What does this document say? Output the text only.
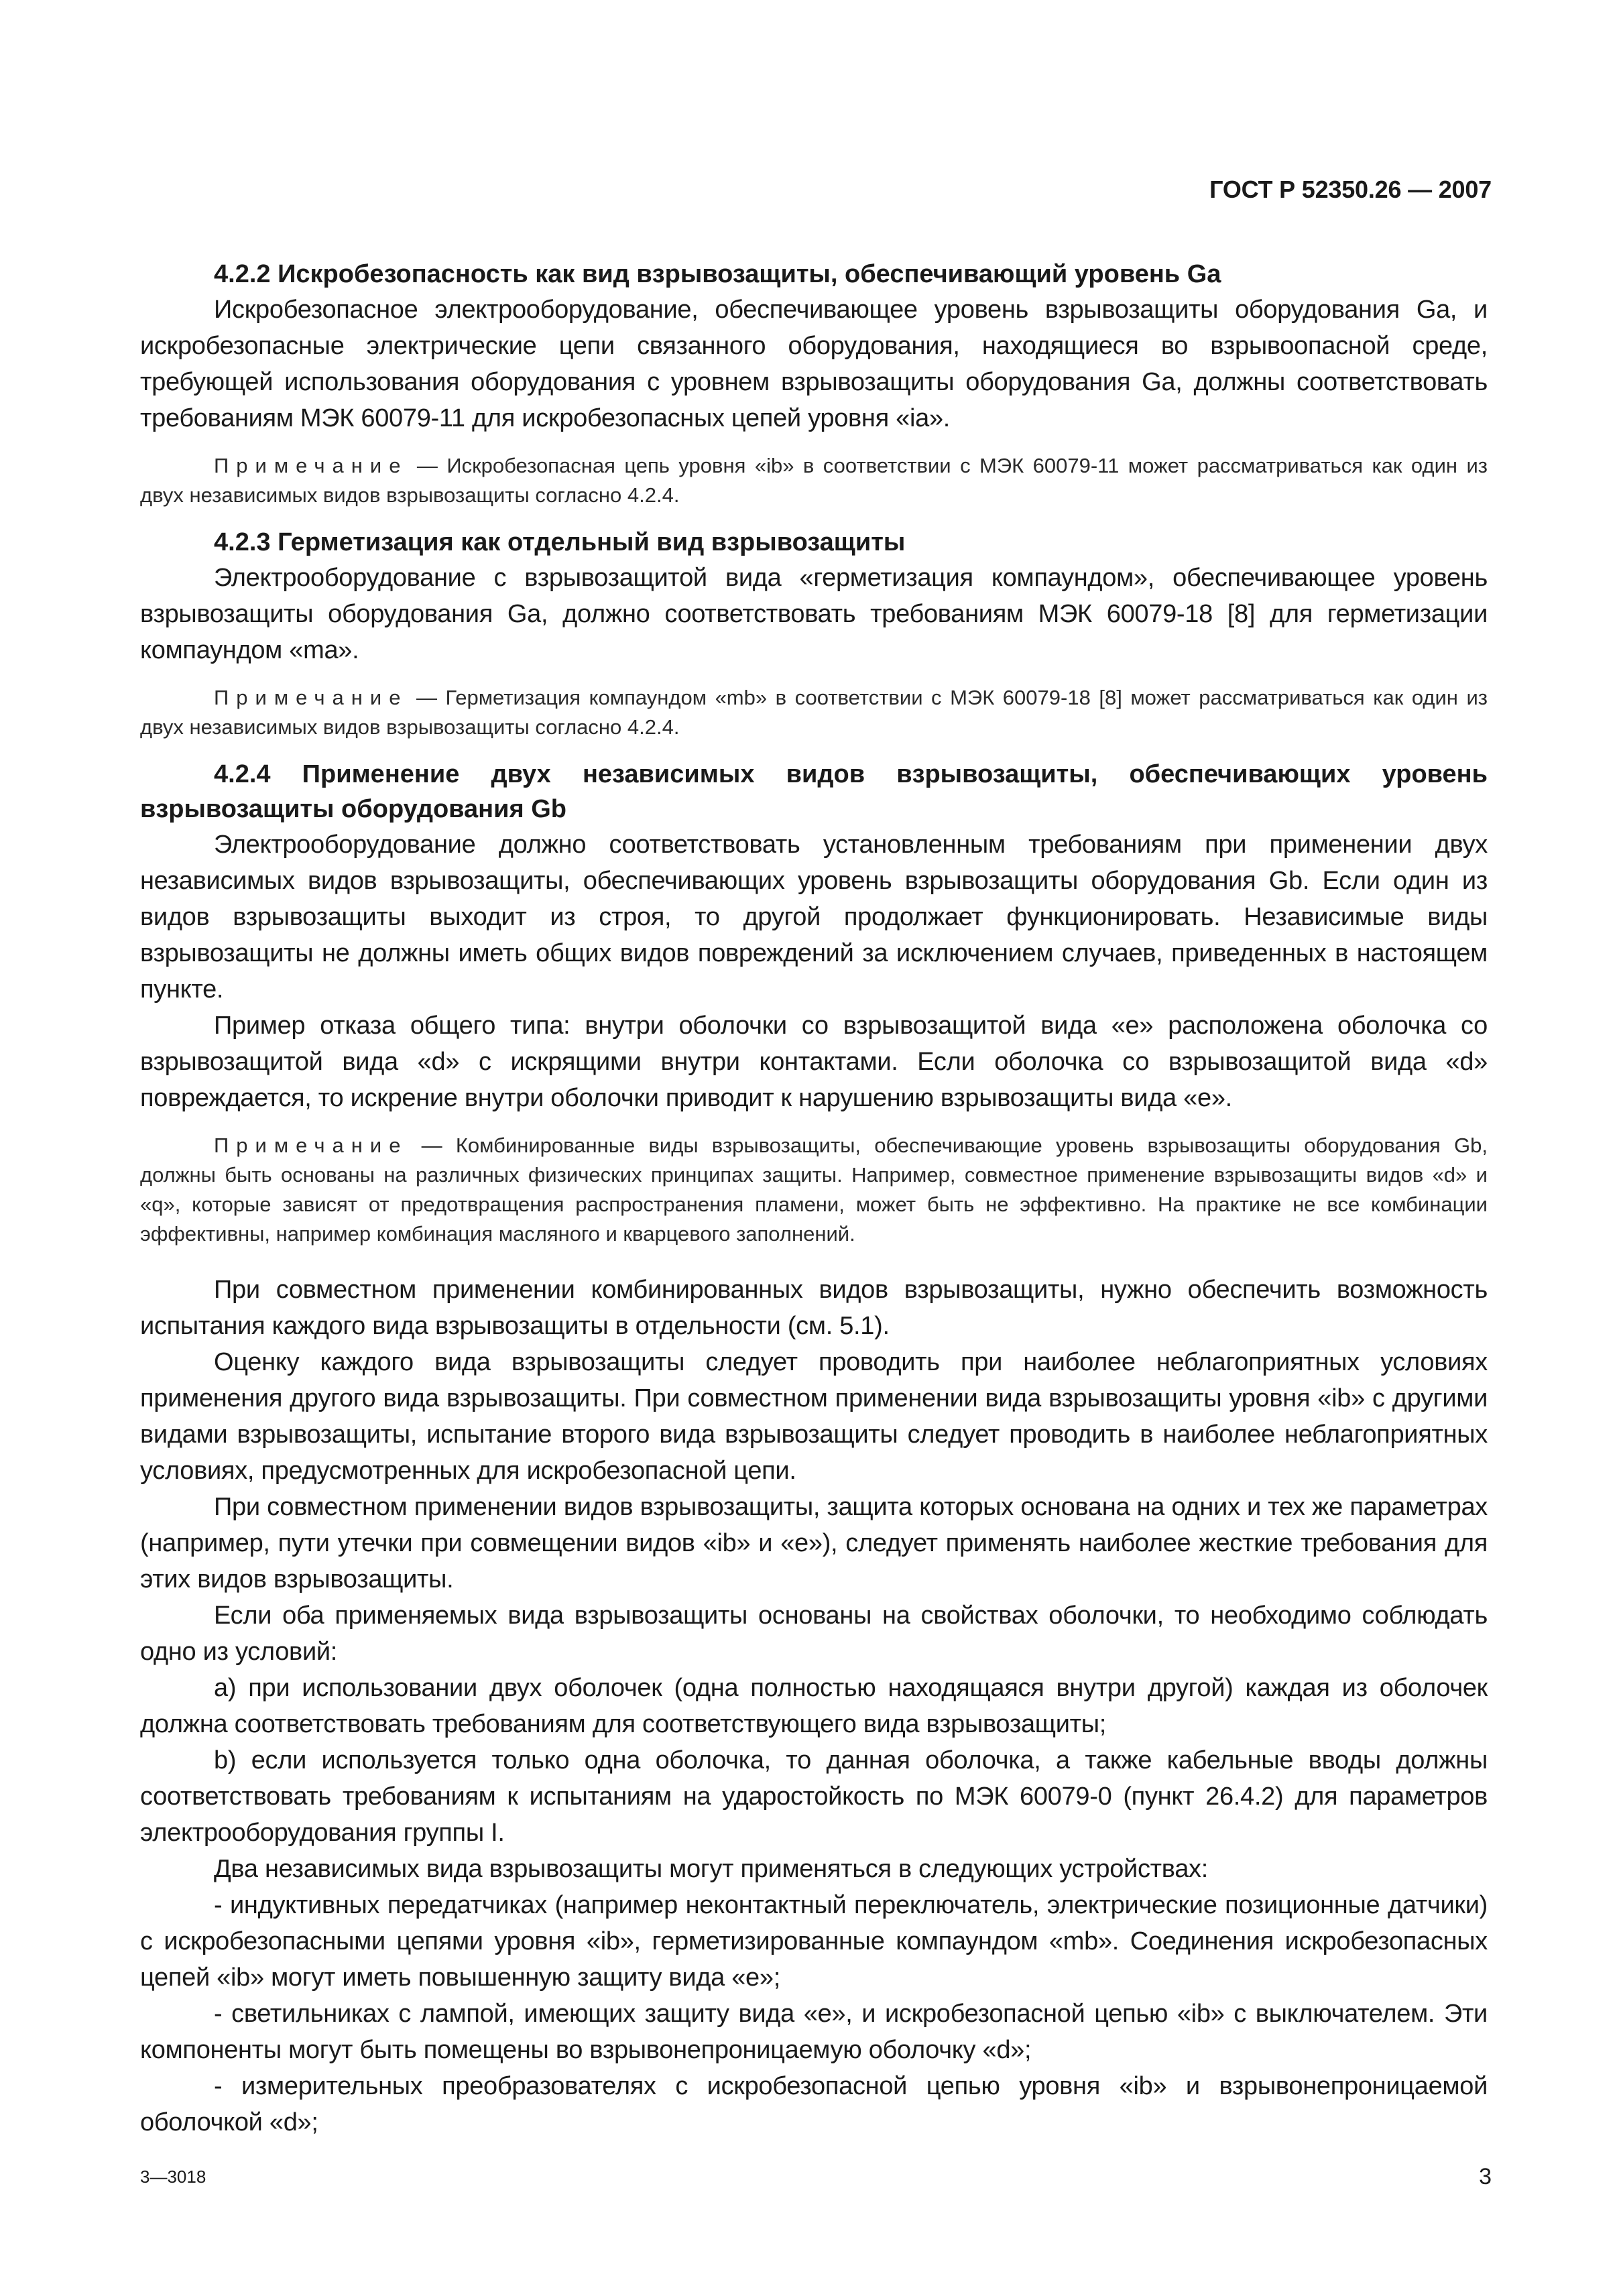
ГОСТ Р 52350.26 — 2007

4.2.2 Искробезопасность как вид взрывозащиты, обеспечивающий уровень Ga

Искробезопасное электрооборудование, обеспечивающее уровень взрывозащиты оборудования Ga, и искробезопасные электрические цепи связанного оборудования, находящиеся во взрывоопасной среде, требующей использования оборудования с уровнем взрывозащиты оборудования Ga, должны соответствовать требованиям МЭК 60079-11 для искробезопасных цепей уровня «ia».

Примечание — Искробезопасная цепь уровня «ib» в соответствии с МЭК 60079-11 может рассматриваться как один из двух независимых видов взрывозащиты согласно 4.2.4.

4.2.3 Герметизация как отдельный вид взрывозащиты

Электрооборудование с взрывозащитой вида «герметизация компаундом», обеспечивающее уровень взрывозащиты оборудования Ga, должно соответствовать требованиям МЭК 60079-18 [8] для герметизации компаундом «ma».

Примечание — Герметизация компаундом «mb» в соответствии с МЭК 60079-18 [8] может рассматриваться как один из двух независимых видов взрывозащиты согласно 4.2.4.

4.2.4 Применение двух независимых видов взрывозащиты, обеспечивающих уровень взрывозащиты оборудования Gb

Электрооборудование должно соответствовать установленным требованиям при применении двух независимых видов взрывозащиты, обеспечивающих уровень взрывозащиты оборудования Gb. Если один из видов взрывозащиты выходит из строя, то другой продолжает функционировать. Независимые виды взрывозащиты не должны иметь общих видов повреждений за исключением случаев, приведенных в настоящем пункте.

Пример отказа общего типа: внутри оболочки со взрывозащитой вида «е» расположена оболочка со взрывозащитой вида «d» с искрящими внутри контактами. Если оболочка со взрывозащитой вида «d» повреждается, то искрение внутри оболочки приводит к нарушению взрывозащиты вида «е».

Примечание — Комбинированные виды взрывозащиты, обеспечивающие уровень взрывозащиты оборудования Gb, должны быть основаны на различных физических принципах защиты. Например, совместное применение взрывозащиты видов «d» и «q», которые зависят от предотвращения распространения пламени, может быть не эффективно. На практике не все комбинации эффективны, например комбинация масляного и кварцевого заполнений.

При совместном применении комбинированных видов взрывозащиты, нужно обеспечить возможность испытания каждого вида взрывозащиты в отдельности (см. 5.1).

Оценку каждого вида взрывозащиты следует проводить при наиболее неблагоприятных условиях применения другого вида взрывозащиты. При совместном применении вида взрывозащиты уровня «ib» с другими видами взрывозащиты, испытание второго вида взрывозащиты следует проводить в наиболее неблагоприятных условиях, предусмотренных для искробезопасной цепи.

При совместном применении видов взрывозащиты, защита которых основана на одних и тех же параметрах (например, пути утечки при совмещении видов «ib» и «е»), следует применять наиболее жесткие требования для этих видов взрывозащиты.

Если оба применяемых вида взрывозащиты основаны на свойствах оболочки, то необходимо соблюдать одно из условий:

а) при использовании двух оболочек (одна полностью находящаяся внутри другой) каждая из оболочек должна соответствовать требованиям для соответствующего вида взрывозащиты;

b) если используется только одна оболочка, то данная оболочка, а также кабельные вводы должны соответствовать требованиям к испытаниям на ударостойкость по МЭК 60079-0 (пункт 26.4.2) для параметров электрооборудования группы I.

Два независимых вида взрывозащиты могут применяться в следующих устройствах:

- индуктивных передатчиках (например неконтактный переключатель, электрические позиционные датчики) с искробезопасными цепями уровня «ib», герметизированные компаундом «mb». Соединения искробезопасных цепей «ib» могут иметь повышенную защиту вида «е»;

- светильниках с лампой, имеющих защиту вида «е», и искробезопасной цепью «ib» с выключателем. Эти компоненты могут быть помещены во взрывонепроницаемую оболочку «d»;

- измерительных преобразователях с искробезопасной цепью уровня «ib» и взрывонепроницаемой оболочкой «d»;

3—3018	3
